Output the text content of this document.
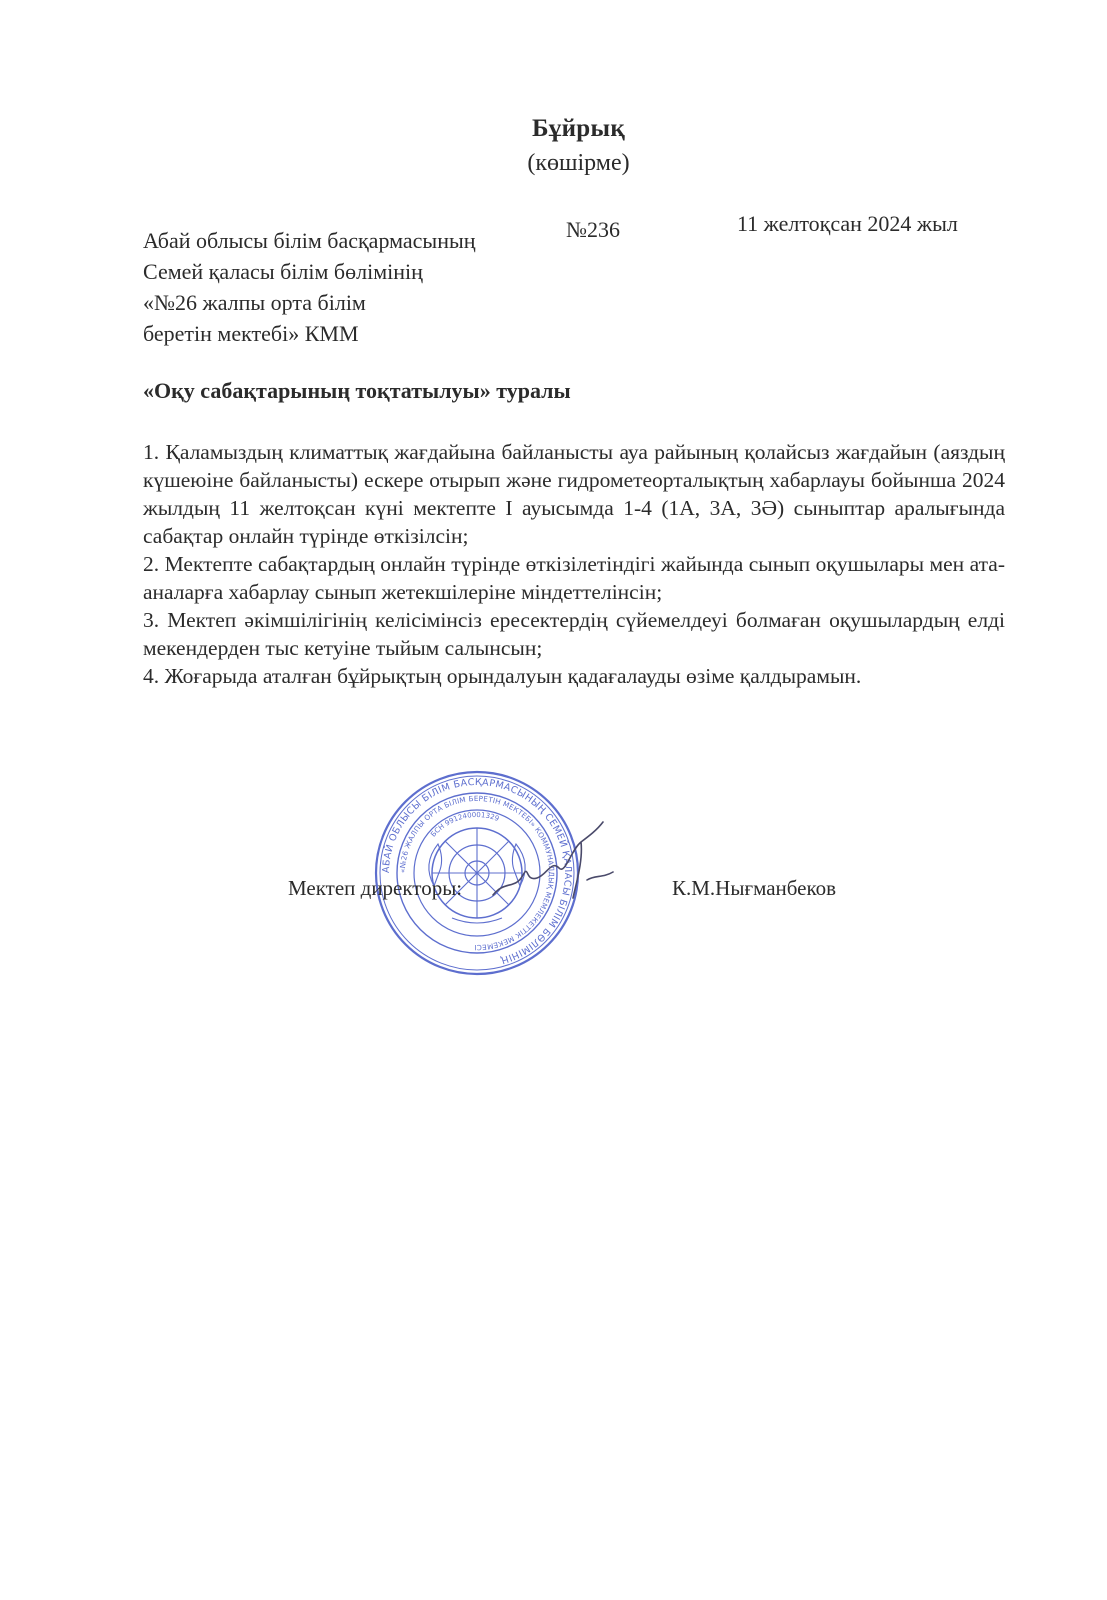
Бұйрық
(көшірме)
Абай облысы білім басқармасының
Семей қаласы білім бөлімінің
«№26 жалпы орта білім
беретін мектебі» КММ
№236	11 желтоқсан 2024 жыл
«Оқу сабақтарының тоқтатылуы» туралы

1. Қаламыздың климаттық жағдайына байланысты ауа райының қолайсыз жағдайын (аяздың күшеюіне байланысты) ескере отырып және гидрометеорталықтың хабарлауы бойынша 2024 жылдың 11 желтоқсан күні мектепте I ауысымда 1-4 (1А, 3А, 3Ә) сыныптар аралығында сабақтар онлайн түрінде өткізілсін;

2. Мектепте сабақтардың онлайн түрінде өткізілетіндігі жайында сынып оқушылары мен ата-аналарға хабарлау сынып жетекшілеріне міндеттелінсін;

3. Мектеп әкімшілігінің келісімінсіз ересектердің сүйемелдеуі болмаған оқушылардың елді мекендерден тыс кетуіне тыйым салынсын;

4. Жоғарыда аталған бұйрықтың орындалуын қадағалауды өзіме қалдырамын.

АБАЙ ОБЛЫСЫ БІЛІМ БАСҚАРМАСЫНЫҢ СЕМЕЙ ҚАЛАСЫ БІЛІМ БӨЛІМІНІҢ
«№26 ЖАЛПЫ ОРТА БІЛІМ БЕРЕТІН МЕКТЕБІ» КОММУНАЛДЫҚ МЕМЛЕКЕТТІК МЕКЕМЕСІ
БСН 991240001329
Мектеп директоры:	К.М.Нығманбеков
